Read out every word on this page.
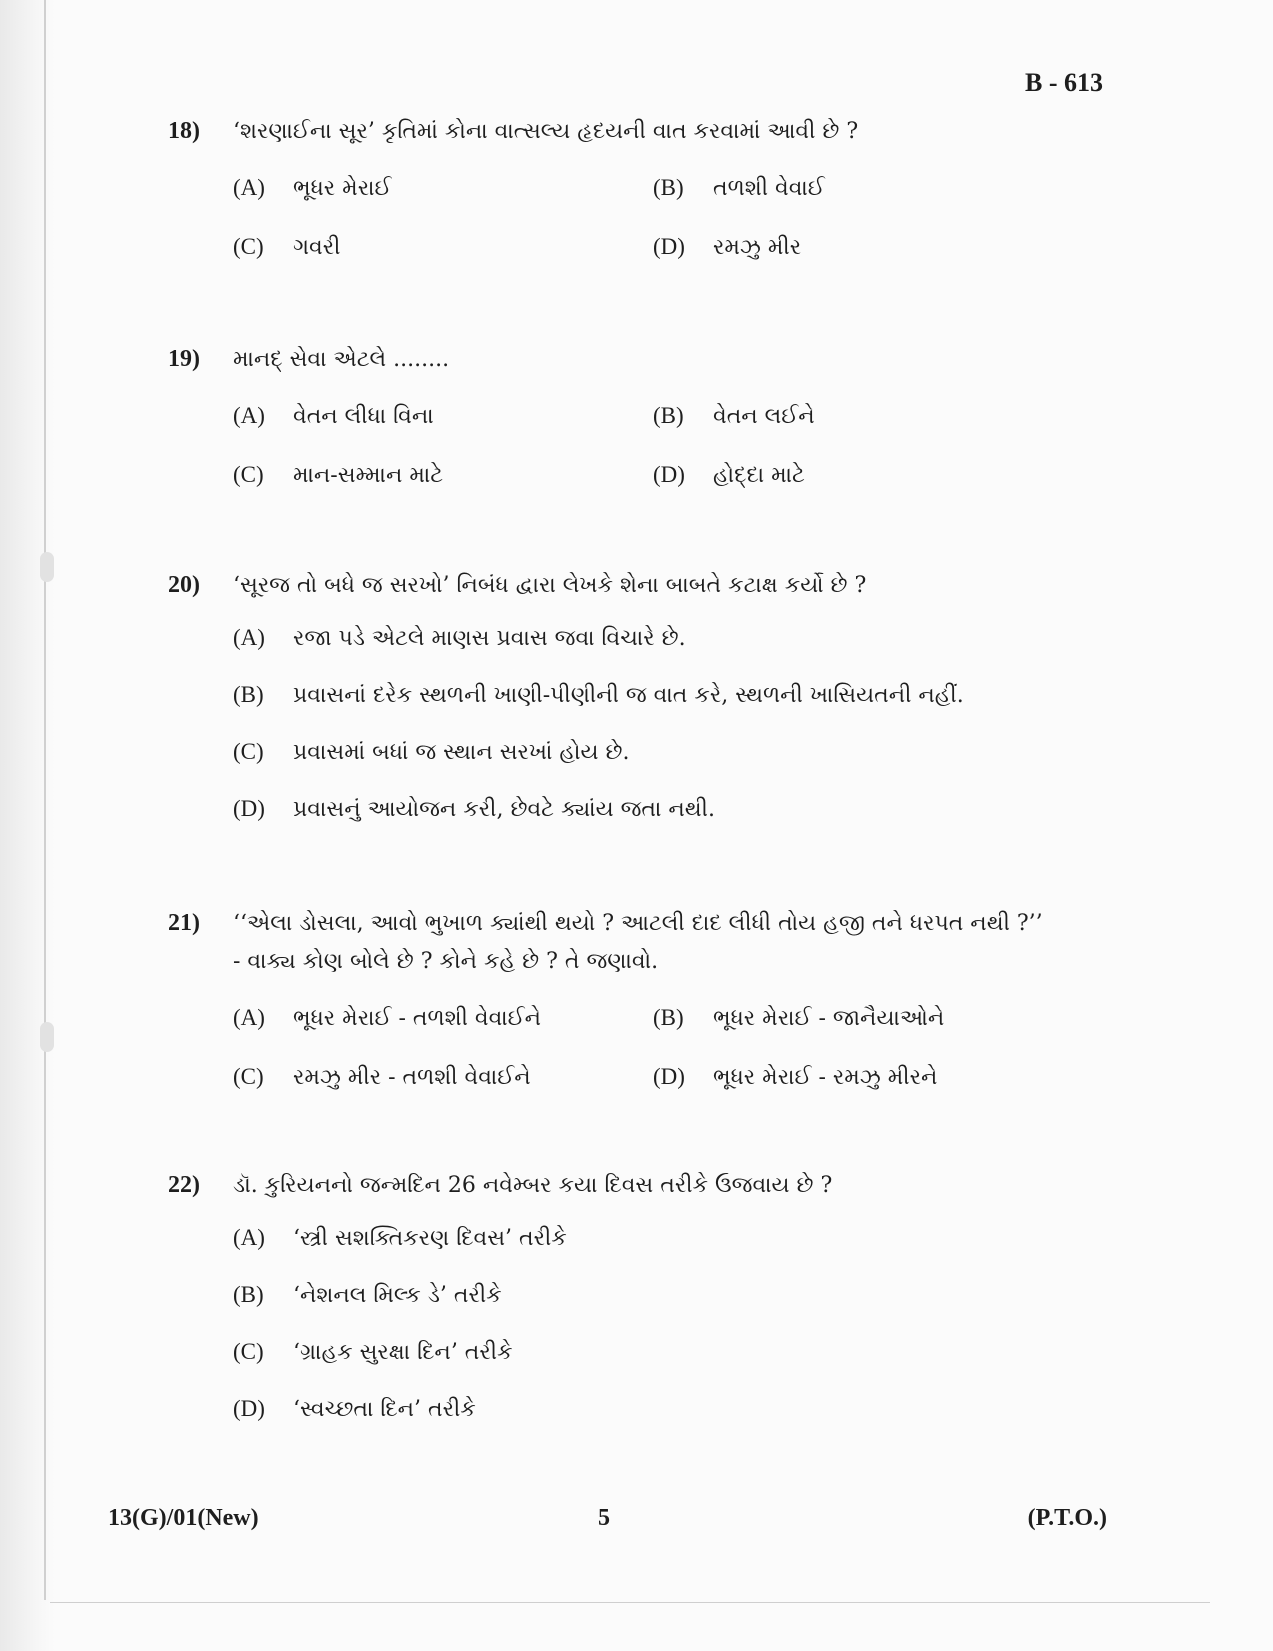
B - 613
18)	‘શરણાઈના સૂર’ કૃતિમાં કોના વાત્સલ્ય હૃદયની વાત કરવામાં આવી છે ?
(A)	ભૂધર મેરાઈ	(B)	તળશી વેવાઈ
(C)	ગવરી	(D)	રમઝુ મીર
19)	માનદ્ સેવા એટલે ........
(A)	વેતન લીધા વિના	(B)	વેતન લઈને
(C)	માન-સમ્માન માટે	(D)	હોદ્દા માટે
20)	‘સૂરજ તો બધે જ સરખો’ નિબંધ દ્વારા લેખકે શેના બાબતે કટાક્ષ કર્યો છે ?
(A)	રજા પડે એટલે માણસ પ્રવાસ જવા વિચારે છે.
(B)	પ્રવાસનાં દરેક સ્થળની ખાણી-પીણીની જ વાત કરે, સ્થળની ખાસિયતની નહીં.
(C)	પ્રવાસમાં બધાં જ સ્થાન સરખાં હોય છે.
(D)	પ્રવાસનું આયોજન કરી, છેવટે ક્યાંય જતા નથી.
21)	‘‘એલા ડોસલા, આવો ભુખાળ ક્યાંથી થયો ? આટલી દાદ લીધી તોય હજી તને ધરપત નથી ?’’
- વાક્ય કોણ બોલે છે ? કોને કહે છે ? તે જણાવો.
(A)	ભૂધર મેરાઈ - તળશી વેવાઈને	(B)	ભૂધર મેરાઈ - જાનૈયાઓને
(C)	રમઝુ મીર - તળશી વેવાઈને	(D)	ભૂધર મેરાઈ - રમઝુ મીરને
22)	ડૉ. કુરિયનનો જન્મદિન 26 નવેમ્બર કયા દિવસ તરીકે ઉજવાય છે ?
(A)	‘સ્ત્રી સશક્તિકરણ દિવસ’ તરીકે
(B)	‘નેશનલ મિલ્ક ડે’ તરીકે
(C)	‘ગ્રાહક સુરક્ષા દિન’ તરીકે
(D)	‘સ્વચ્છતા દિન’ તરીકે
13(G)/01(New)	5	(P.T.O.)
